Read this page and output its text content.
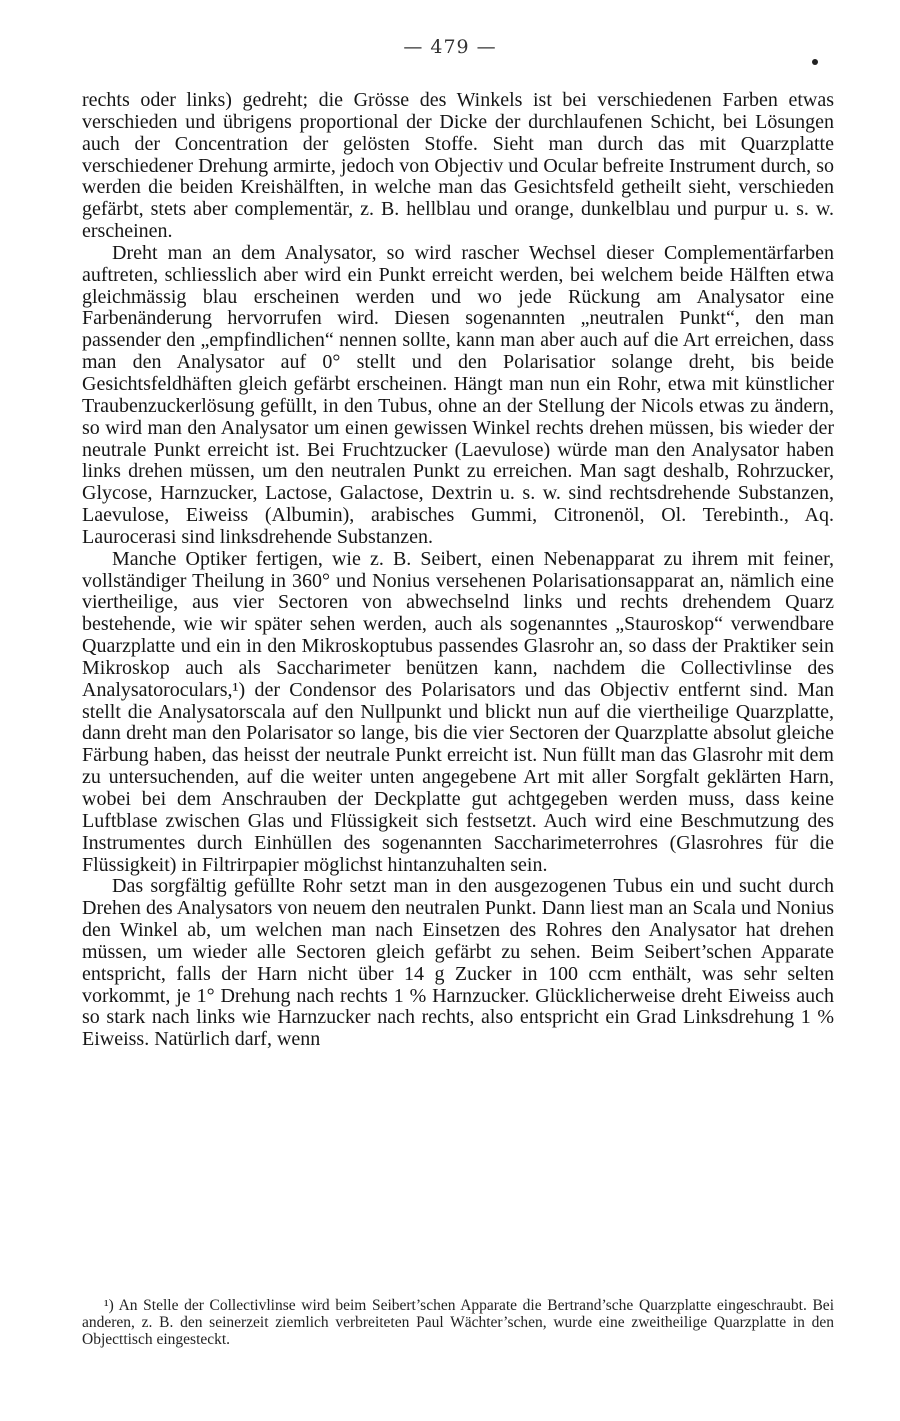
— 479 —

rechts oder links) gedreht; die Grösse des Winkels ist bei verschiedenen Farben etwas verschieden und übrigens proportional der Dicke der durchlaufenen Schicht, bei Lösungen auch der Concentration der gelösten Stoffe. Sieht man durch das mit Quarzplatte verschiedener Drehung armirte, jedoch von Objectiv und Ocular befreite Instrument durch, so werden die beiden Kreishälften, in welche man das Gesichtsfeld getheilt sieht, verschieden gefärbt, stets aber complementär, z. B. hellblau und orange, dunkelblau und purpur u. s. w. erscheinen.

Dreht man an dem Analysator, so wird rascher Wechsel dieser Complementärfarben auftreten, schliesslich aber wird ein Punkt erreicht werden, bei welchem beide Hälften etwa gleichmässig blau erscheinen werden und wo jede Rückung am Analysator eine Farbenänderung hervorrufen wird. Diesen sogenannten „neutralen Punkt“, den man passender den „empfindlichen“ nennen sollte, kann man aber auch auf die Art erreichen, dass man den Analysator auf 0° stellt und den Polarisatior solange dreht, bis beide Gesichtsfeldhäften gleich gefärbt erscheinen. Hängt man nun ein Rohr, etwa mit künstlicher Traubenzuckerlösung gefüllt, in den Tubus, ohne an der Stellung der Nicols etwas zu ändern, so wird man den Analysator um einen gewissen Winkel rechts drehen müssen, bis wieder der neutrale Punkt erreicht ist. Bei Fruchtzucker (Laevulose) würde man den Analysator haben links drehen müssen, um den neutralen Punkt zu erreichen. Man sagt deshalb, Rohrzucker, Glycose, Harnzucker, Lactose, Galactose, Dextrin u. s. w. sind rechtsdrehende Substanzen, Laevulose, Eiweiss (Albumin), arabisches Gummi, Citronenöl, Ol. Terebinth., Aq. Laurocerasi sind linksdrehende Substanzen.

Manche Optiker fertigen, wie z. B. Seibert, einen Nebenapparat zu ihrem mit feiner, vollständiger Theilung in 360° und Nonius versehenen Polarisationsapparat an, nämlich eine viertheilige, aus vier Sectoren von abwechselnd links und rechts drehendem Quarz bestehende, wie wir später sehen werden, auch als sogenanntes „Stauroskop“ verwendbare Quarzplatte und ein in den Mikroskoptubus passendes Glasrohr an, so dass der Praktiker sein Mikroskop auch als Saccharimeter benützen kann, nachdem die Collectivlinse des Analysatoroculars,¹) der Condensor des Polarisators und das Objectiv entfernt sind. Man stellt die Analysatorscala auf den Nullpunkt und blickt nun auf die viertheilige Quarzplatte, dann dreht man den Polarisator so lange, bis die vier Sectoren der Quarzplatte absolut gleiche Färbung haben, das heisst der neutrale Punkt erreicht ist. Nun füllt man das Glasrohr mit dem zu untersuchenden, auf die weiter unten angegebene Art mit aller Sorgfalt geklärten Harn, wobei bei dem Anschrauben der Deckplatte gut achtgegeben werden muss, dass keine Luftblase zwischen Glas und Flüssigkeit sich festsetzt. Auch wird eine Beschmutzung des Instrumentes durch Einhüllen des sogenannten Saccharimeterrohres (Glasrohres für die Flüssigkeit) in Filtrirpapier möglichst hintanzuhalten sein.

Das sorgfältig gefüllte Rohr setzt man in den ausgezogenen Tubus ein und sucht durch Drehen des Analysators von neuem den neutralen Punkt. Dann liest man an Scala und Nonius den Winkel ab, um welchen man nach Einsetzen des Rohres den Analysator hat drehen müssen, um wieder alle Sectoren gleich gefärbt zu sehen. Beim Seibert’schen Apparate entspricht, falls der Harn nicht über 14 g Zucker in 100 ccm enthält, was sehr selten vorkommt, je 1° Drehung nach rechts 1 % Harnzucker. Glücklicherweise dreht Eiweiss auch so stark nach links wie Harnzucker nach rechts, also entspricht ein Grad Linksdrehung 1 % Eiweiss. Natürlich darf, wenn

¹) An Stelle der Collectivlinse wird beim Seibert’schen Apparate die Bertrand’sche Quarzplatte eingeschraubt. Bei anderen, z. B. den seinerzeit ziemlich verbreiteten Paul Wächter’schen, wurde eine zweitheilige Quarzplatte in den Objecttisch eingesteckt.
